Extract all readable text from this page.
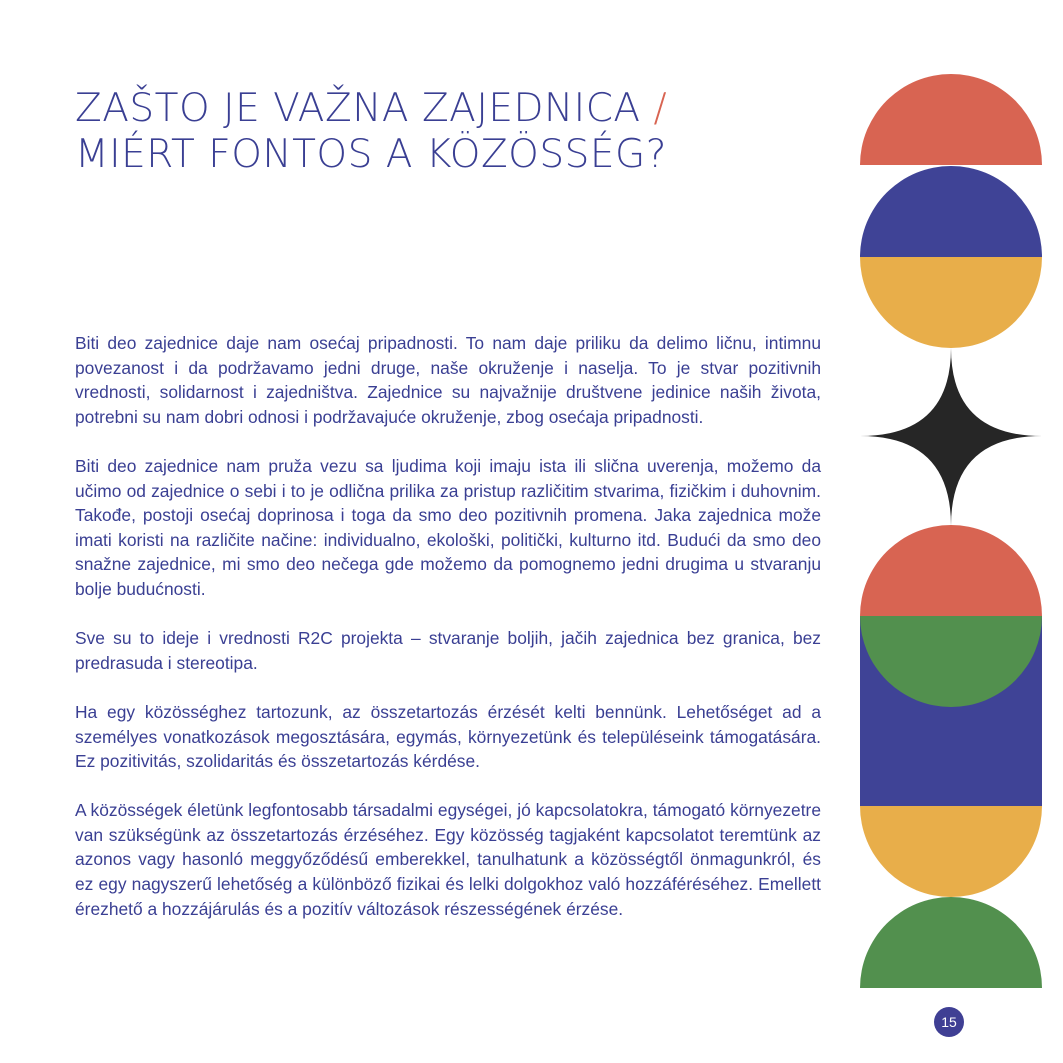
ZAŠTO JE VAŽNA ZAJEDNICA /
MIÉRT FONTOS A KÖZÖSSÉG?

Biti deo zajednice daje nam osećaj pripadnosti. To nam daje priliku da delimo ličnu, intimnu povezanost i da podržavamo jedni druge, naše okruženje i naselja. To je stvar pozitivnih vrednosti, solidarnost i zajedništva. Zajednice su najvažnije društvene jedinice naših života, potrebni su nam dobri odnosi i podržavajuće okruženje, zbog osećaja pripadnosti.

Biti deo zajednice nam pruža vezu sa ljudima koji imaju ista ili slična uverenja, možemo da učimo od zajednice o sebi i to je odlična prilika za pristup različitim stvarima, fizičkim i duhovnim. Takođe, postoji osećaj doprinosa i toga da smo deo pozitivnih promena. Jaka zajednica može imati koristi na različite načine: individualno, ekološki, politički, kulturno itd. Budući da smo deo snažne zajednice, mi smo deo nečega gde možemo da pomognemo jedni drugima u stvaranju bolje budućnosti.

Sve su to ideje i vrednosti R2C projekta – stvaranje boljih, jačih zajednica bez granica, bez predrasuda i stereotipa.

Ha egy közösséghez tartozunk, az összetartozás érzését kelti bennünk. Lehetőséget ad a személyes vonatkozások megosztására, egymás, környezetünk és településeink támogatására. Ez pozitivitás, szolidaritás és összetartozás kérdése.

A közösségek életünk legfontosabb társadalmi egységei, jó kapcsolatokra, támogató környezetre van szükségünk az összetartozás érzéséhez. Egy közösség tagjaként kapcsolatot teremtünk az azonos vagy hasonló meggyőződésű emberekkel, tanulhatunk a közösségtől önmagunkról, és ez egy nagyszerű lehetőség a különböző fizikai és lelki dolgokhoz való hozzáféréséhez. Emellett érezhető a hozzájárulás és a pozitív változások részességének érzése.

15
